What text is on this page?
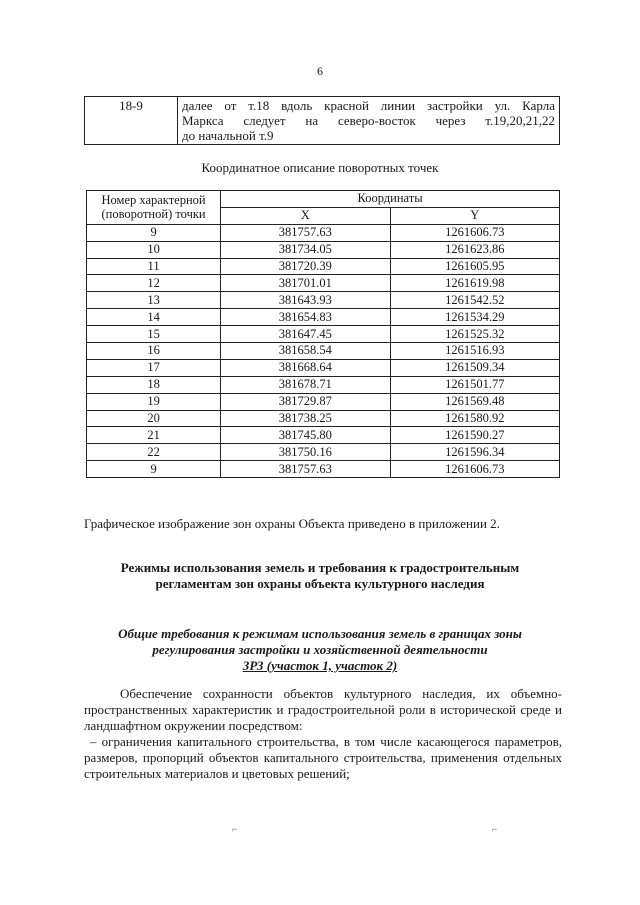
6
18-9	далее от т.18 вдоль красной линии застройки ул. Карла
Маркса следует на северо-восток через т.19,20,21,22
до начальной т.9
Координатное описание поворотных точек
Номер характерной (поворотной) точки	Координаты	
	X	Y
9	381757.63	1261606.73
10	381734.05	1261623.86
11	381720.39	1261605.95
12	381701.01	1261619.98
13	381643.93	1261542.52
14	381654.83	1261534.29
15	381647.45	1261525.32
16	381658.54	1261516.93
17	381668.64	1261509.34
18	381678.71	1261501.77
19	381729.87	1261569.48
20	381738.25	1261580.92
21	381745.80	1261590.27
22	381750.16	1261596.34
9	381757.63	1261606.73
Графическое изображение зон охраны Объекта приведено в приложении 2.
Режимы использования земель и требования к градостроительным
регламентам зон охраны объекта культурного наследия
Общие требования к режимам использования земель в границах зоны
регулирования застройки и хозяйственной деятельности
ЗРЗ (участок 1, участок 2)

Обеспечение сохранности объектов культурного наследия, их объемно-пространственных характеристик и градостроительной роли в исторической среде и ландшафтном окружении посредством:

– ограничения капитального строительства, в том числе касающегося параметров, размеров, пропорций объектов капитального строительства, применения отдельных строительных материалов и цветовых решений;

⌐	⌐
